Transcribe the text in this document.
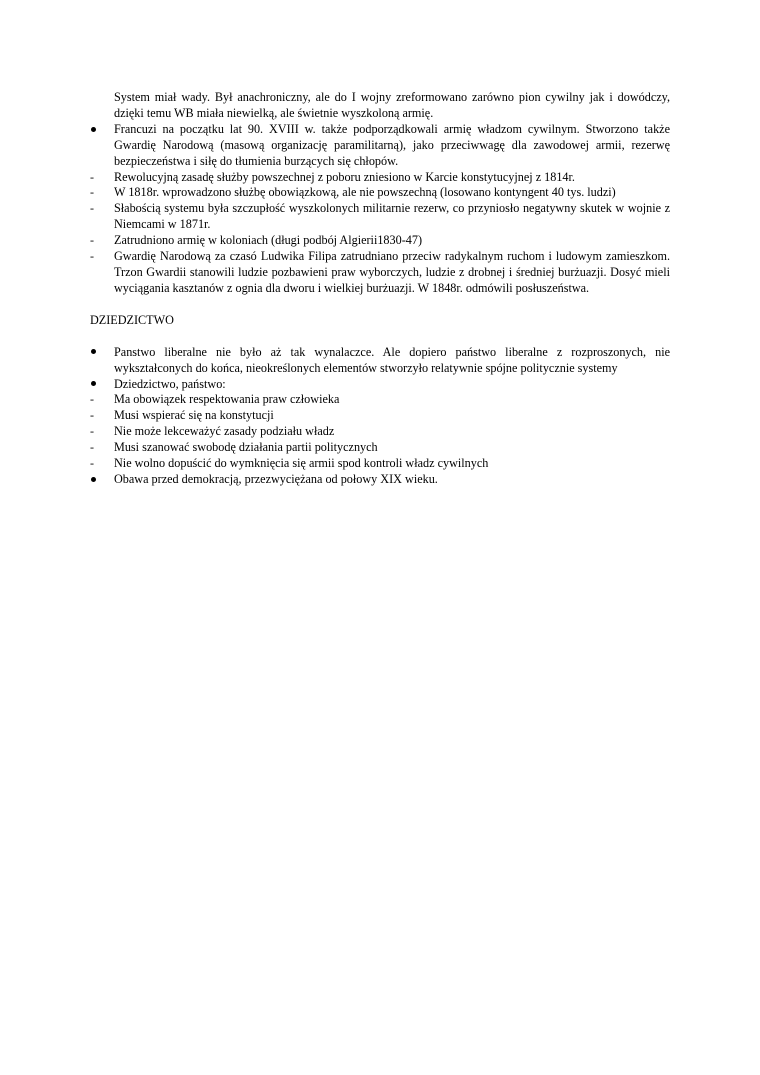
System miał wady. Był anachroniczny, ale do I wojny zreformowano zarówno pion cywilny jak i dowódczy, dzięki temu WB miała niewielką, ale świetnie wyszkoloną armię.
Francuzi na początku lat 90. XVIII w. także podporządkowali armię władzom cywilnym. Stworzono także Gwardię Narodową (masową organizację paramilitarną), jako przeciwwagę dla zawodowej armii, rezerwę bezpieczeństwa i siłę do tłumienia burzących się chłopów.
-	Rewolucyjną zasadę służby powszechnej z poboru zniesiono w Karcie konstytucyjnej z 1814r.
-	W 1818r. wprowadzono służbę obowiązkową, ale nie powszechną (losowano kontyngent 40 tys. ludzi)
-	Słabością systemu była szczupłość wyszkolonych militarnie rezerw, co przyniosło negatywny skutek w wojnie z Niemcami w 1871r.
-	Zatrudniono armię w koloniach (długi podbój Algierii1830-47)
-	Gwardię Narodową za czasó Ludwika Filipa zatrudniano przeciw radykalnym ruchom i ludowym zamieszkom. Trzon Gwardii stanowili ludzie pozbawieni praw wyborczych, ludzie z drobnej i średniej burżuazji. Dosyć mieli wyciągania kasztanów z ognia dla dworu i wielkiej burżuazji. W 1848r. odmówili posłuszeństwa.
DZIEDZICTWO
Panstwo liberalne nie było aż tak wynalaczce. Ale dopiero państwo liberalne z rozproszonych, nie wykształconych do końca, nieokreślonych elementów stworzyło relatywnie spójne politycznie systemy
Dziedzictwo, państwo:
-	Ma obowiązek respektowania praw człowieka
-	Musi wspierać się na konstytucji
-	Nie może lekceważyć zasady podziału władz
-	Musi szanować swobodę działania partii politycznych
-	Nie wolno dopuścić do wymknięcia się armii spod kontroli władz cywilnych
Obawa przed demokracją, przezwyciężana od połowy XIX wieku.
